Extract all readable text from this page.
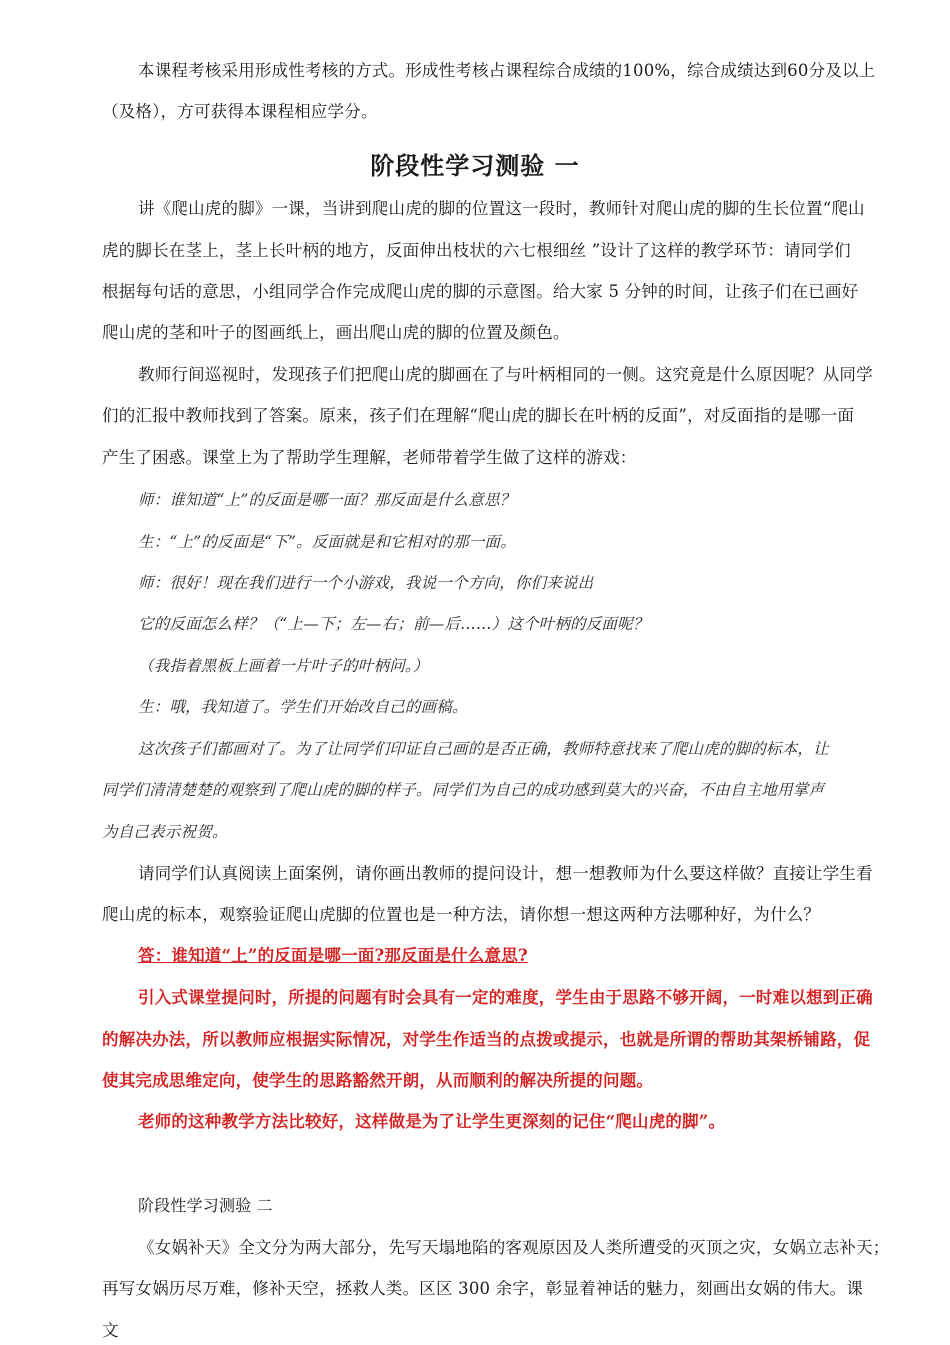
本课程考核采用形成性考核的方式。形成性考核占课程综合成绩的100%，综合成绩达到60分及以上
（及格），方可获得本课程相应学分。
阶段性学习测验 一
讲《爬山虎的脚》一课，当讲到爬山虎的脚的位置这一段时，教师针对爬山虎的脚的生长位置“爬山
虎的脚长在茎上，茎上长叶柄的地方，反面伸出枝状的六七根细丝 ”设计了这样的教学环节：请同学们
根据每句话的意思，小组同学合作完成爬山虎的脚的示意图。给大家 5 分钟的时间，让孩子们在已画好
爬山虎的茎和叶子的图画纸上，画出爬山虎的脚的位置及颜色。
教师行间巡视时，发现孩子们把爬山虎的脚画在了与叶柄相同的一侧。这究竟是什么原因呢？从同学
们的汇报中教师找到了答案。原来，孩子们在理解“爬山虎的脚长在叶柄的反面”，对反面指的是哪一面
产生了困惑。课堂上为了帮助学生理解，老师带着学生做了这样的游戏：
师：谁知道“上”的反面是哪一面？那反面是什么意思？
生：“上”的反面是“下”。反面就是和它相对的那一面。
师：很好！现在我们进行一个小游戏，我说一个方向，你们来说出
它的反面怎么样？（“上—下；左—右；前—后……）这个叶柄的反面呢？
（我指着黑板上画着一片叶子的叶柄问。）
生：哦，我知道了。学生们开始改自己的画稿。
这次孩子们都画对了。为了让同学们印证自己画的是否正确，教师特意找来了爬山虎的脚的标本，让
同学们清清楚楚的观察到了爬山虎的脚的样子。同学们为自己的成功感到莫大的兴奋，不由自主地用掌声
为自己表示祝贺。
请同学们认真阅读上面案例，请你画出教师的提问设计，想一想教师为什么要这样做？直接让学生看
爬山虎的标本，观察验证爬山虎脚的位置也是一种方法，请你想一想这两种方法哪种好，为什么？
答：谁知道“上”的反面是哪一面?那反面是什么意思?
引入式课堂提问时，所提的问题有时会具有一定的难度，学生由于思路不够开阔，一时难以想到正确
的解决办法，所以教师应根据实际情况，对学生作适当的点拨或提示，也就是所谓的帮助其架桥铺路，促
使其完成思维定向，使学生的思路豁然开朗，从而顺利的解决所提的问题。
老师的这种教学方法比较好，这样做是为了让学生更深刻的记住“爬山虎的脚”。
阶段性学习测验 二
《女娲补天》全文分为两大部分，先写天塌地陷的客观原因及人类所遭受的灭顶之灾，女娲立志补天；
再写女娲历尽万难，修补天空，拯救人类。区区 300 余字，彰显着神话的魅力，刻画出女娲的伟大。课
文
